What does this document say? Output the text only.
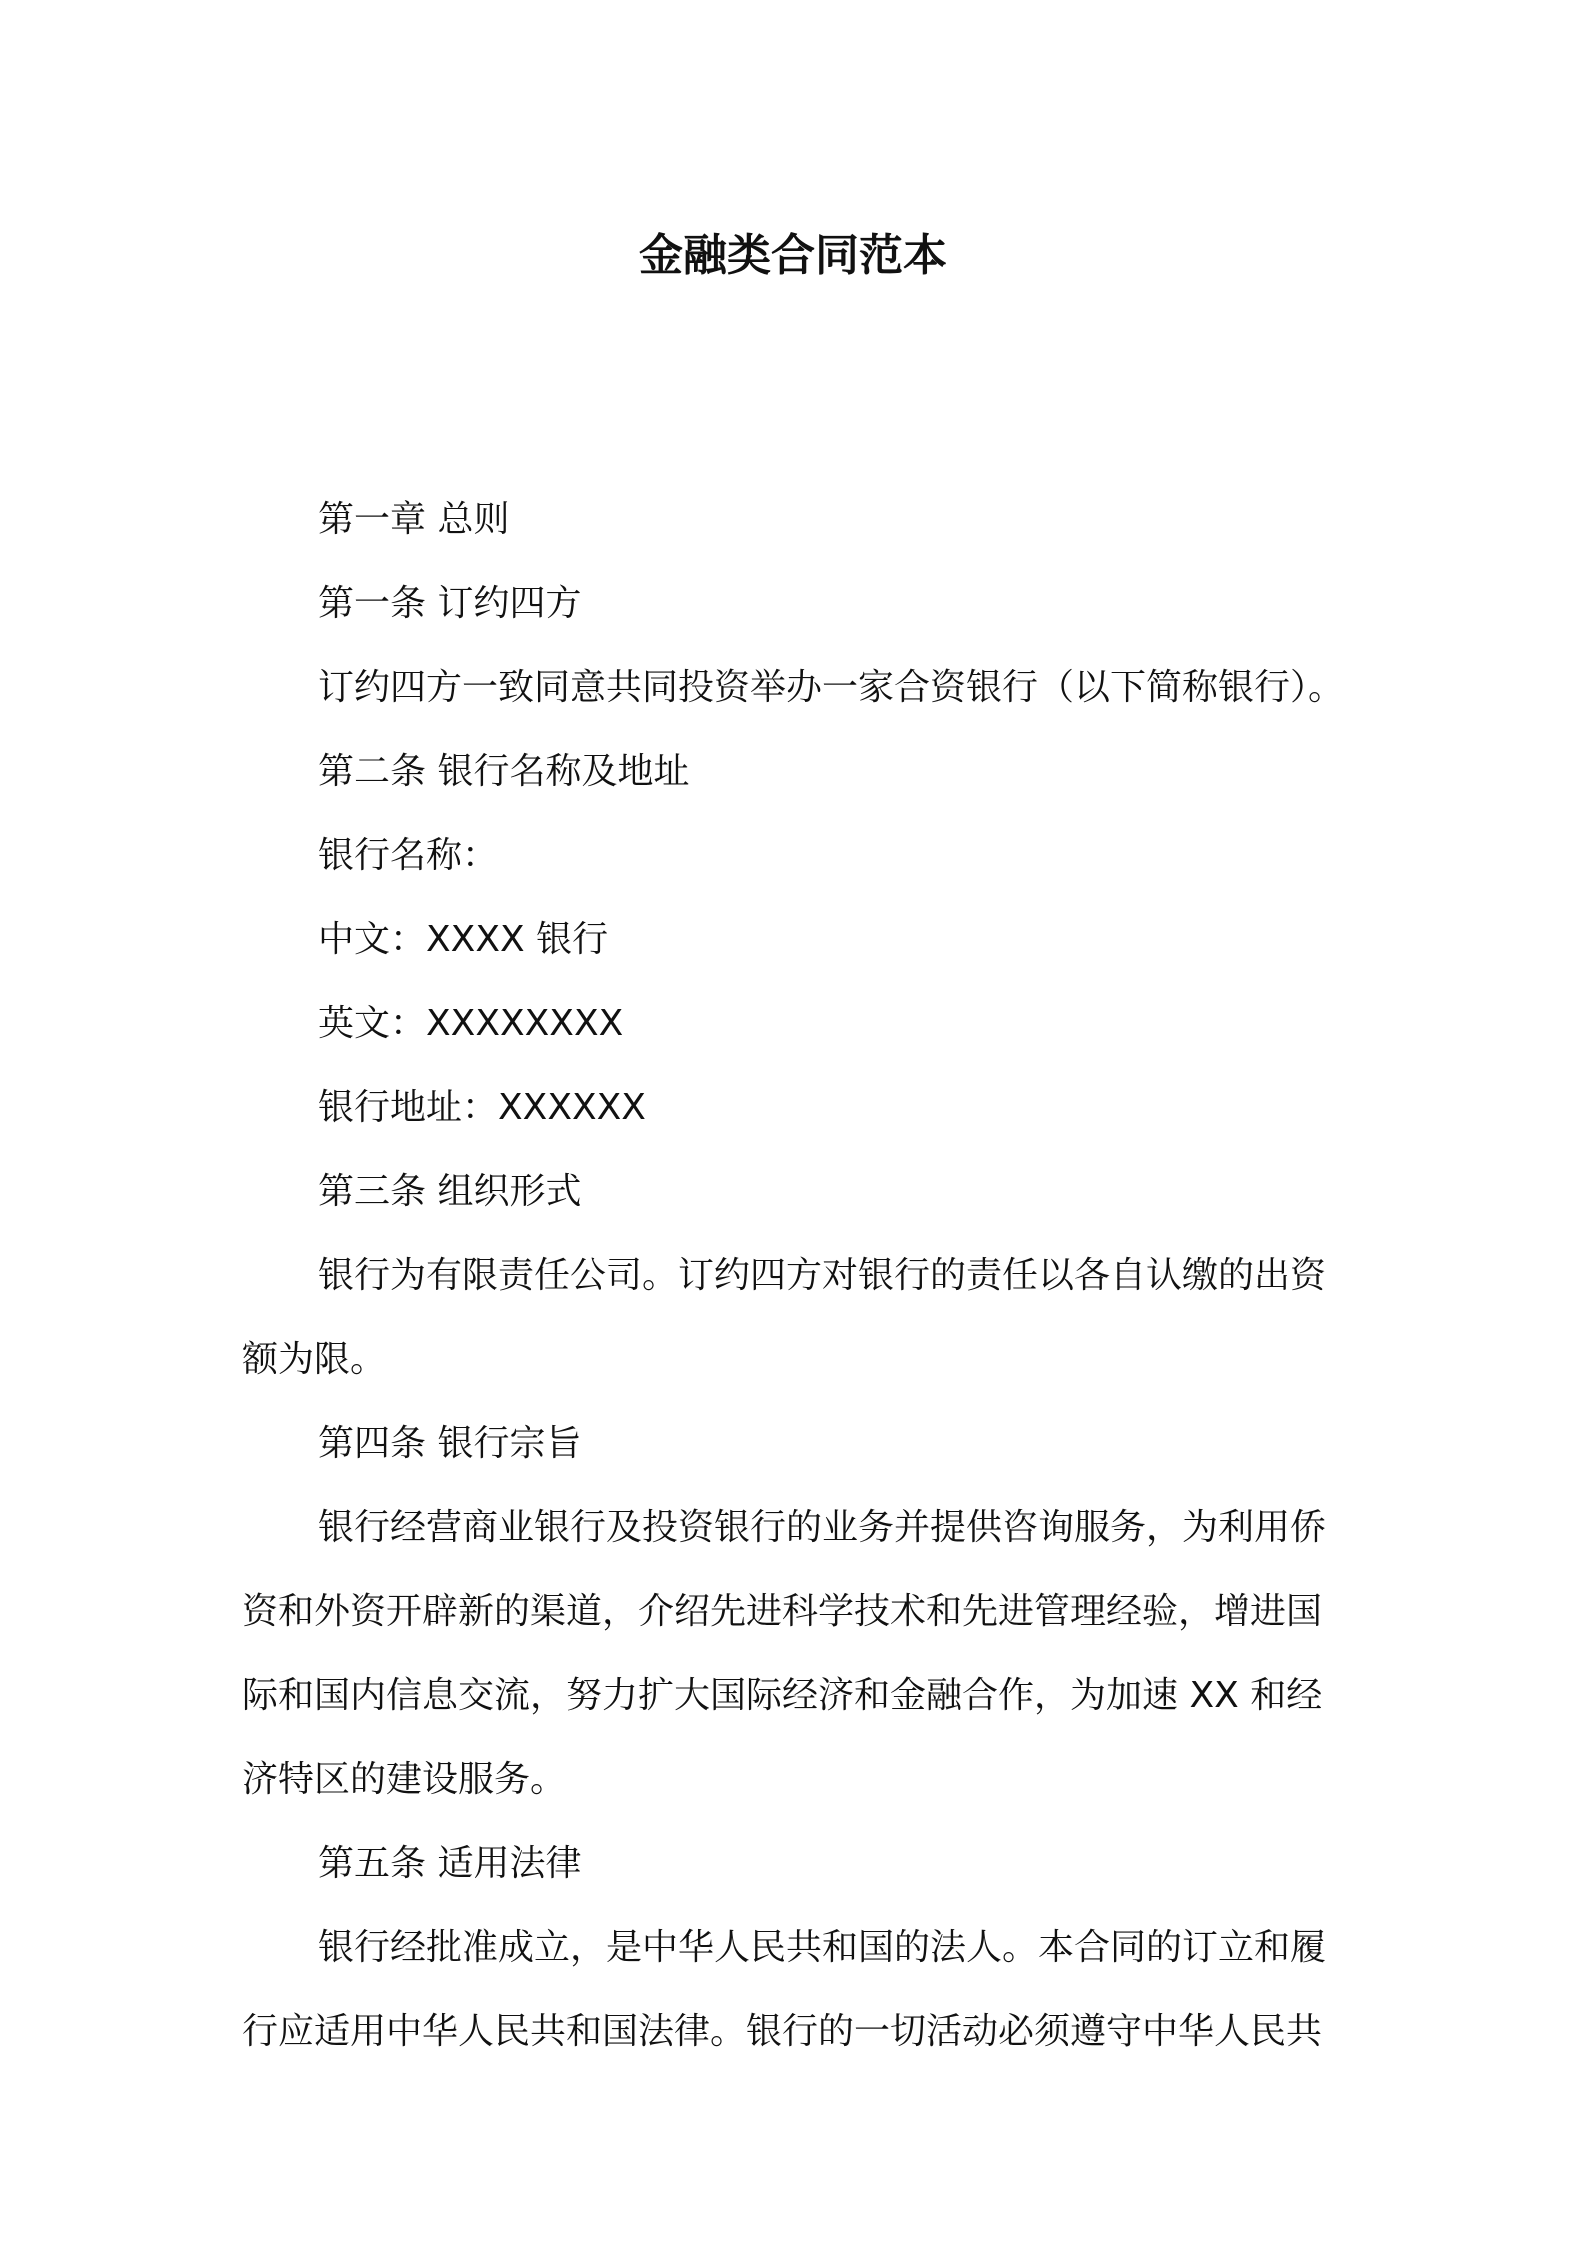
金融类合同范本
第一章 总则
第一条 订约四方
订约四方一致同意共同投资举办一家合资银行（以下简称银行）。
第二条 银行名称及地址
银行名称：
中文：XXXX 银行
英文：XXXXXXXX
银行地址：XXXXXX
第三条 组织形式
银行为有限责任公司。订约四方对银行的责任以各自认缴的出资
额为限。
第四条 银行宗旨
银行经营商业银行及投资银行的业务并提供咨询服务，为利用侨
资和外资开辟新的渠道，介绍先进科学技术和先进管理经验，增进国
际和国内信息交流，努力扩大国际经济和金融合作，为加速 XX 和经
济特区的建设服务。
第五条 适用法律
银行经批准成立，是中华人民共和国的法人。本合同的订立和履
行应适用中华人民共和国法律。银行的一切活动必须遵守中华人民共
